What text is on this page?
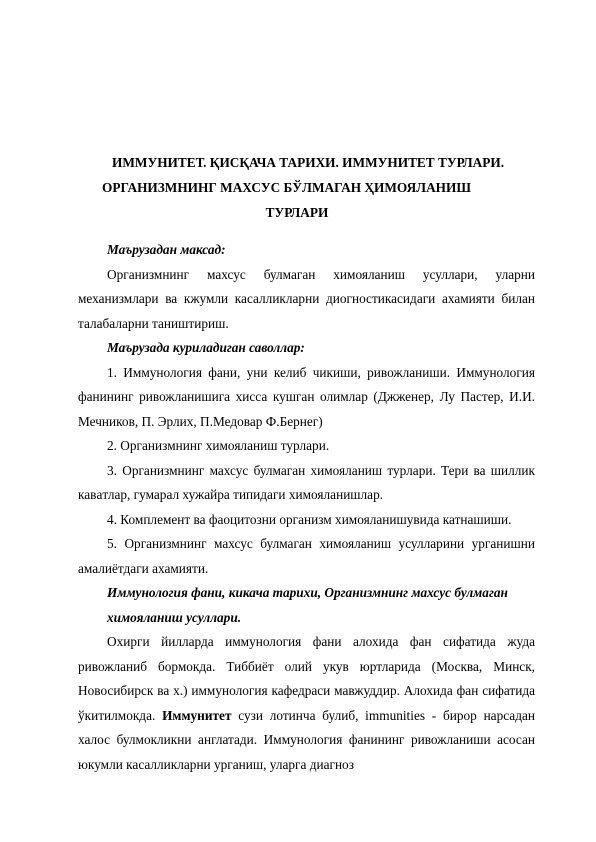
ИММУНИТЕТ. ҚИСҚАЧА ТАРИХИ. ИММУНИТЕТ ТУРЛАРИ.
ОРГАНИЗМНИНГ МАХСУС БЎЛМАГАН ҲИМОЯЛАНИШ
ТУРЛАРИ

Маърузадан максад:

Организмнинг махсус булмаган химояланиш усуллари, уларни механизмлари ва кжумли касалликларни диогностикасидаги ахамияти билан талабаларни таништириш.

Маърузада куриладиган саволлар:

1. Иммунология фани, уни келиб чикиши, ривожланиши. Иммунология фанининг ривожланишига хисса кушган олимлар (Джженер, Лу Пастер, И.И. Мечников, П. Эрлих, П.Медовар Ф.Бернег)

2. Организмнинг химояланиш турлари.

3. Организмнинг махсус булмаган химояланиш турлари. Тери ва шиллик кавaтлар, гумарал хужайра типидаги химояланишлар.

4. Комплемент ва фаоцитозни организм химояланишувида катнашиши.

5. Организмнинг махсус булмаган химояланиш усулларини урганишни амалиётдаги ахамияти.

Иммунология фани, кикача тарихи, Организмнинг махсус булмаган
химояланиш усуллари.

Охирги йилларда иммунология фани алохида фан сифатида жуда ривожланиб бормокда. Тиббиёт олий укув юртларида (Москва, Минск, Новосибирск ва х.) иммунология кафедраси мавжуддир. Алохида фан сифатида ўкитилмокда. Иммунитет сузи лотинча булиб, immunities - бирор нарсадан халос булмокликни англатади. Иммунология фанининг ривожланиши асосан юкумли касалликларни урганиш, уларга диагноз
